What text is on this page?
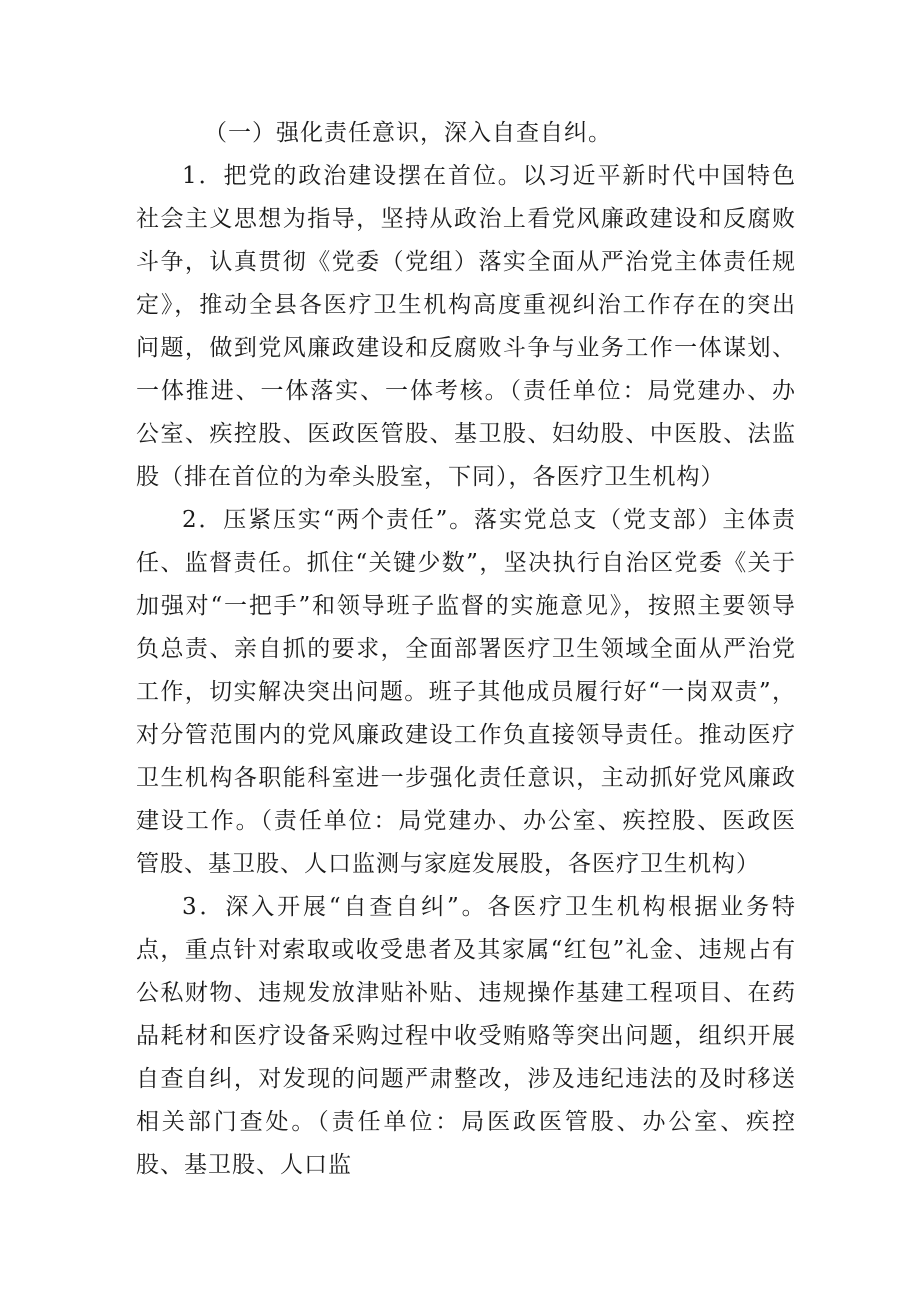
（一）强化责任意识，深入自查自纠。

1．把党的政治建设摆在首位。以习近平新时代中国特色社会主义思想为指导，坚持从政治上看党风廉政建设和反腐败斗争，认真贯彻《党委（党组）落实全面从严治党主体责任规定》，推动全县各医疗卫生机构高度重视纠治工作存在的突出问题，做到党风廉政建设和反腐败斗争与业务工作一体谋划、一体推进、一体落实、一体考核。（责任单位：局党建办、办公室、疾控股、医政医管股、基卫股、妇幼股、中医股、法监股（排在首位的为牵头股室，下同），各医疗卫生机构）

2．压紧压实“两个责任”。落实党总支（党支部）主体责任、监督责任。抓住“关键少数”，坚决执行自治区党委《关于加强对“一把手”和领导班子监督的实施意见》，按照主要领导负总责、亲自抓的要求，全面部署医疗卫生领域全面从严治党工作，切实解决突出问题。班子其他成员履行好“一岗双责”，对分管范围内的党风廉政建设工作负直接领导责任。推动医疗卫生机构各职能科室进一步强化责任意识，主动抓好党风廉政建设工作。（责任单位：局党建办、办公室、疾控股、医政医管股、基卫股、人口监测与家庭发展股，各医疗卫生机构）

3．深入开展“自查自纠”。各医疗卫生机构根据业务特点，重点针对索取或收受患者及其家属“红包”礼金、违规占有公私财物、违规发放津贴补贴、违规操作基建工程项目、在药品耗材和医疗设备采购过程中收受贿赂等突出问题，组织开展自查自纠，对发现的问题严肃整改，涉及违纪违法的及时移送相关部门查处。（责任单位：局医政医管股、办公室、疾控股、基卫股、人口监
